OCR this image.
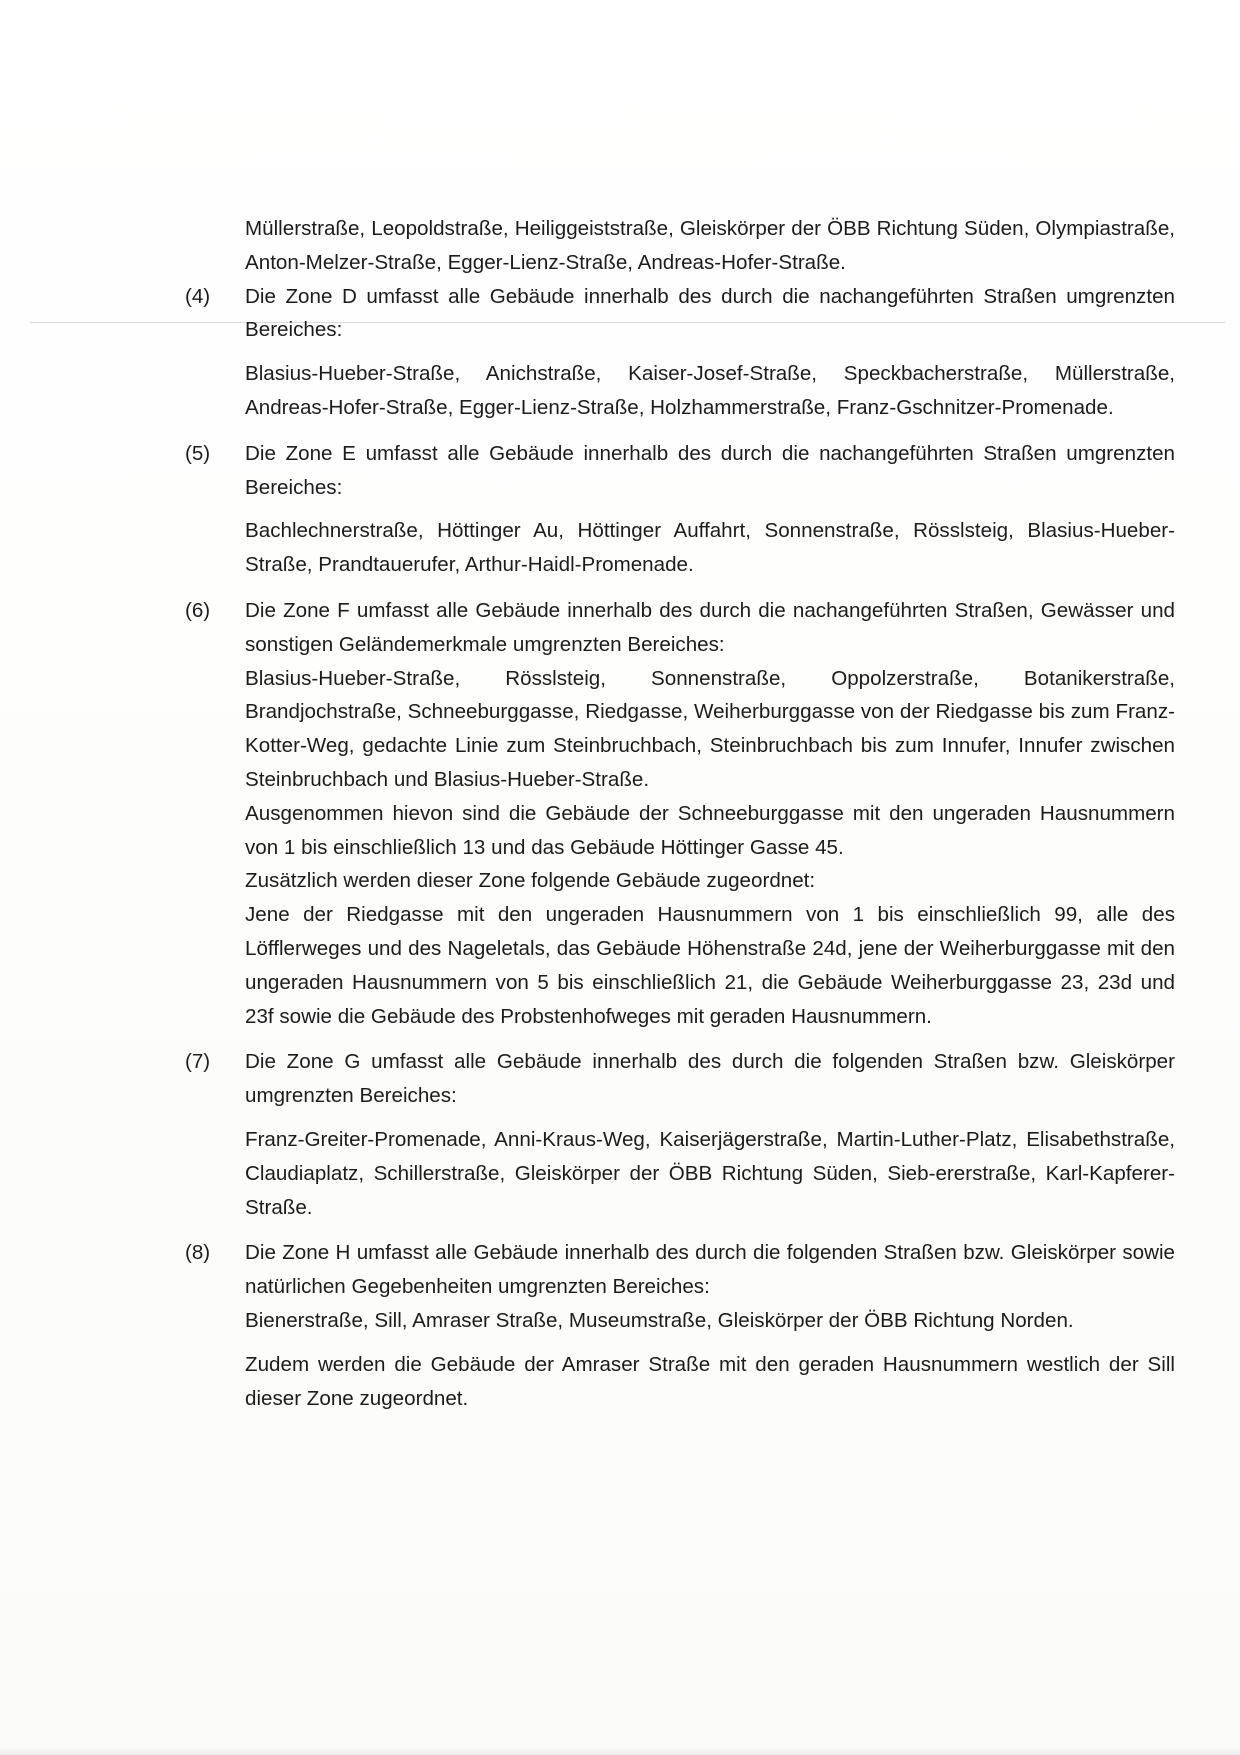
Müllerstraße, Leopoldstraße, Heiliggeiststraße, Gleiskörper der ÖBB Richtung Süden, Olympiastraße, Anton-Melzer-Straße, Egger-Lienz-Straße, Andreas-Hofer-Straße.

(4) Die Zone D umfasst alle Gebäude innerhalb des durch die nachangeführten Straßen umgrenzten Bereiches:

Blasius-Hueber-Straße, Anichstraße, Kaiser-Josef-Straße, Speckbacherstraße, Müllerstraße, Andreas-Hofer-Straße, Egger-Lienz-Straße, Holzhammerstraße, Franz-Gschnitzer-Promenade.

(5) Die Zone E umfasst alle Gebäude innerhalb des durch die nachangeführten Straßen umgrenzten Bereiches:

Bachlechnerstraße, Höttinger Au, Höttinger Auffahrt, Sonnenstraße, Rösslsteig, Blasius-Hueber-Straße, Prandtauerufer, Arthur-Haidl-Promenade.

(6) Die Zone F umfasst alle Gebäude innerhalb des durch die nachangeführten Straßen, Gewässer und sonstigen Geländemerkmale umgrenzten Bereiches:

Blasius-Hueber-Straße, Rösslsteig, Sonnenstraße, Oppolzerstraße, Botanikerstraße, Brandjochstraße, Schneeburggasse, Riedgasse, Weiherburggasse von der Riedgasse bis zum Franz-Kotter-Weg, gedachte Linie zum Steinbruchbach, Steinbruchbach bis zum Innufer, Innufer zwischen Steinbruchbach und Blasius-Hueber-Straße.

Ausgenommen hievon sind die Gebäude der Schneeburggasse mit den ungeraden Hausnummern von 1 bis einschließlich 13 und das Gebäude Höttinger Gasse 45.

Zusätzlich werden dieser Zone folgende Gebäude zugeordnet:

Jene der Riedgasse mit den ungeraden Hausnummern von 1 bis einschließlich 99, alle des Löfflerweges und des Nageletals, das Gebäude Höhenstraße 24d, jene der Weiherburggasse mit den ungeraden Hausnummern von 5 bis einschließlich 21, die Gebäude Weiherburggasse 23, 23d und 23f sowie die Gebäude des Probstenhofweges mit geraden Hausnummern.

(7) Die Zone G umfasst alle Gebäude innerhalb des durch die folgenden Straßen bzw. Gleiskörper umgrenzten Bereiches:

Franz-Greiter-Promenade, Anni-Kraus-Weg, Kaiserjägerstraße, Martin-Luther-Platz, Elisabethstraße, Claudiaplatz, Schillerstraße, Gleiskörper der ÖBB Richtung Süden, Sieb-ererstraße, Karl-Kapferer-Straße.

(8) Die Zone H umfasst alle Gebäude innerhalb des durch die folgenden Straßen bzw. Gleiskörper sowie natürlichen Gegebenheiten umgrenzten Bereiches:

Bienerstraße, Sill, Amraser Straße, Museumstraße, Gleiskörper der ÖBB Richtung Norden.

Zudem werden die Gebäude der Amraser Straße mit den geraden Hausnummern westlich der Sill dieser Zone zugeordnet.
